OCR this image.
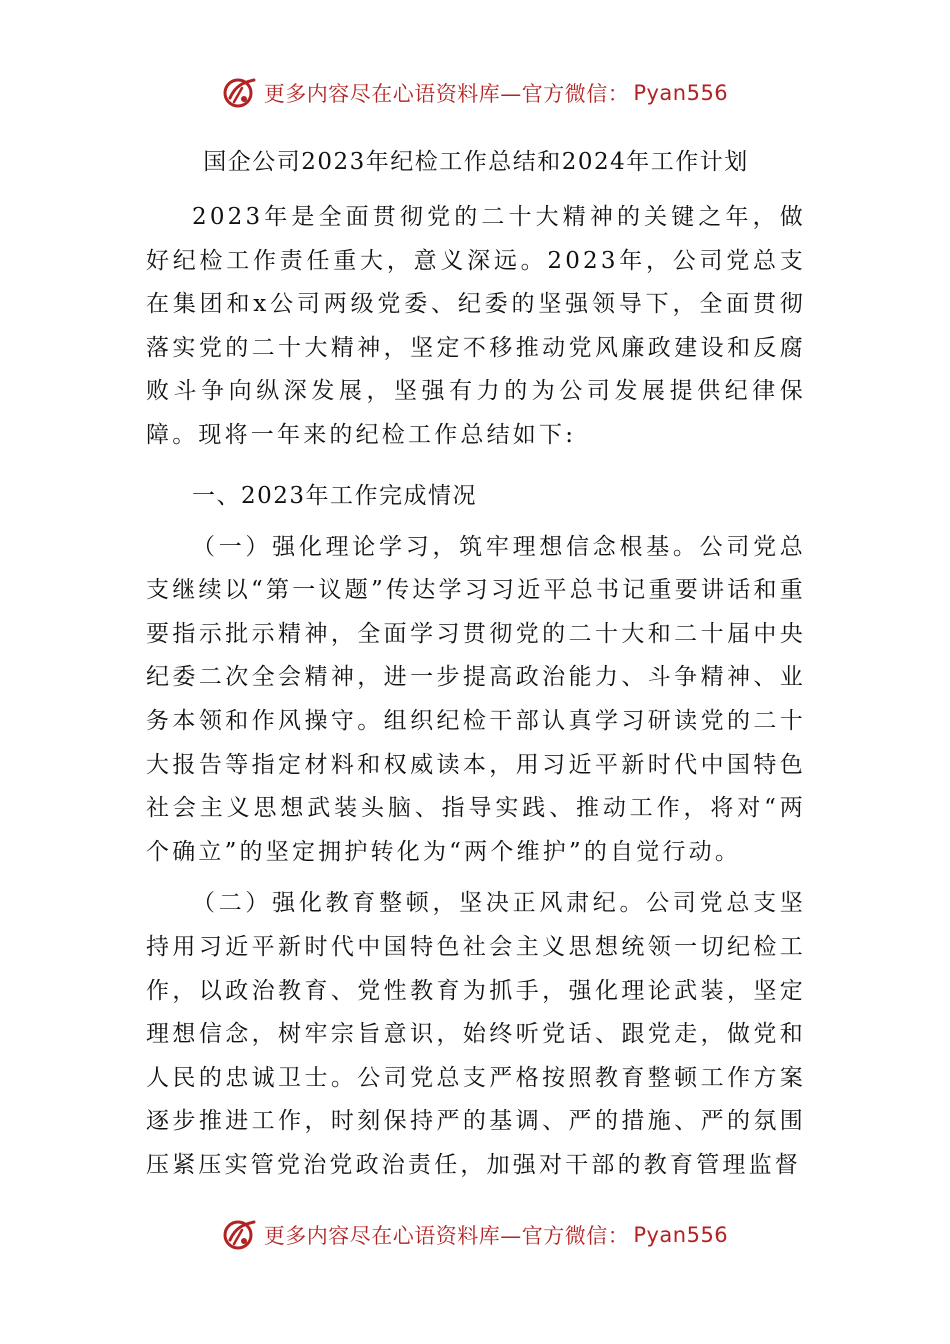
更多内容尽在心语资料库—官方微信： Pyan556
国企公司2023年纪检工作总结和2024年工作计划

2023年是全面贯彻党的二十大精神的关键之年，做好纪检工作责任重大，意义深远。2023年，公司党总支在集团和x公司两级党委、纪委的坚强领导下，全面贯彻落实党的二十大精神，坚定不移推动党风廉政建设和反腐败斗争向纵深发展，坚强有力的为公司发展提供纪律保障。现将一年来的纪检工作总结如下:

一、2023年工作完成情况

（一）强化理论学习，筑牢理想信念根基。公司党总支继续以“第一议题”传达学习习近平总书记重要讲话和重要指示批示精神，全面学习贯彻党的二十大和二十届中央纪委二次全会精神，进一步提高政治能力、斗争精神、业务本领和作风操守。组织纪检干部认真学习研读党的二十大报告等指定材料和权威读本，用习近平新时代中国特色社会主义思想武装头脑、指导实践、推动工作，将对“两个确立”的坚定拥护转化为“两个维护”的自觉行动。

（二）强化教育整顿，坚决正风肃纪。公司党总支坚持用习近平新时代中国特色社会主义思想统领一切纪检工作，以政治教育、党性教育为抓手，强化理论武装，坚定理想信念，树牢宗旨意识，始终听党话、跟党走，做党和人民的忠诚卫士。公司党总支严格按照教育整顿工作方案逐步推进工作，时刻保持严的基调、严的措施、严的氛围压紧压实管党治党政治责任，加强对干部的教育管理监督

更多内容尽在心语资料库—官方微信： Pyan556
